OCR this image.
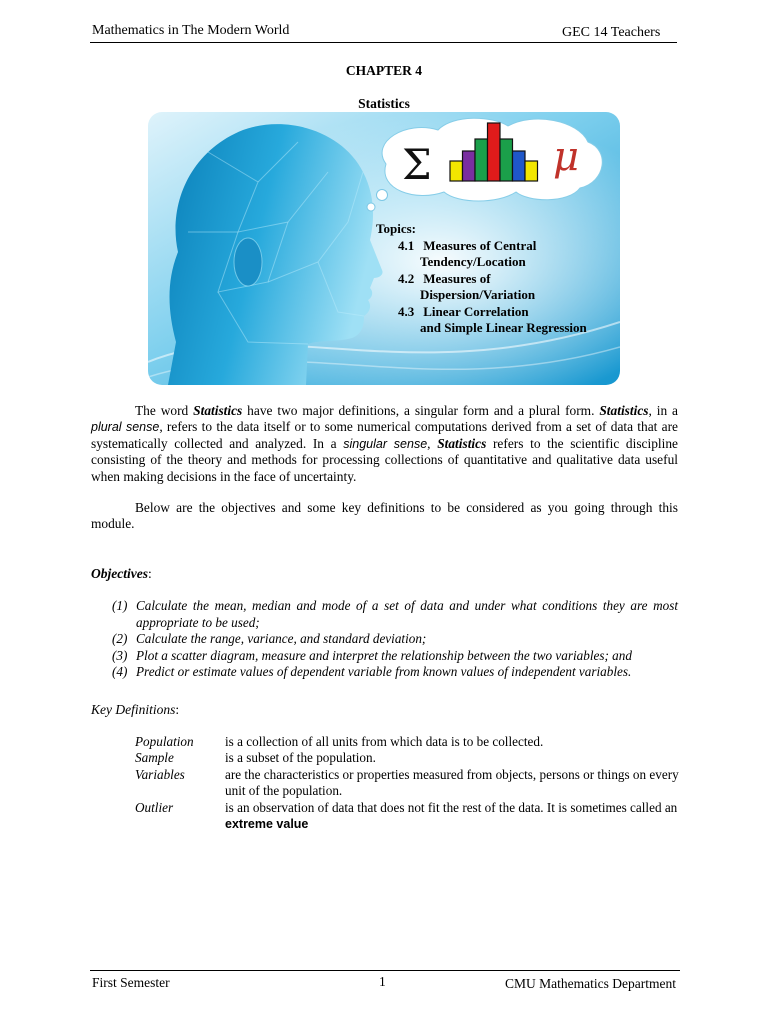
Mathematics in The Modern World	GEC 14 Teachers
CHAPTER 4
Statistics
Σ	μ
Topics:
4.1 Measures of Central
Tendency/Location
4.2 Measures of
Dispersion/Variation
4.3 Linear Correlation
and Simple Linear Regression
The word Statistics have two major definitions, a singular form and a plural form. Statistics, in a plural sense, refers to the data itself or to some numerical computations derived from a set of data that are systematically collected and analyzed. In a singular sense, Statistics refers to the scientific discipline consisting of the theory and methods for processing collections of quantitative and qualitative data useful when making decisions in the face of uncertainty.
Below are the objectives and some key definitions to be considered as you going through this module.
Objectives:
(1) Calculate the mean, median and mode of a set of data and under what conditions they are most appropriate to be used;
(2) Calculate the range, variance, and standard deviation;
(3) Plot a scatter diagram, measure and interpret the relationship between the two variables; and
(4) Predict or estimate values of dependent variable from known values of independent variables.
Key Definitions:
Population	is a collection of all units from which data is to be collected.
Sample	is a subset of the population.
Variables	are the characteristics or properties measured from objects, persons or things on every unit of the population.
Outlier	is an observation of data that does not fit the rest of the data. It is sometimes called an extreme value
First Semester	1	CMU Mathematics Department
